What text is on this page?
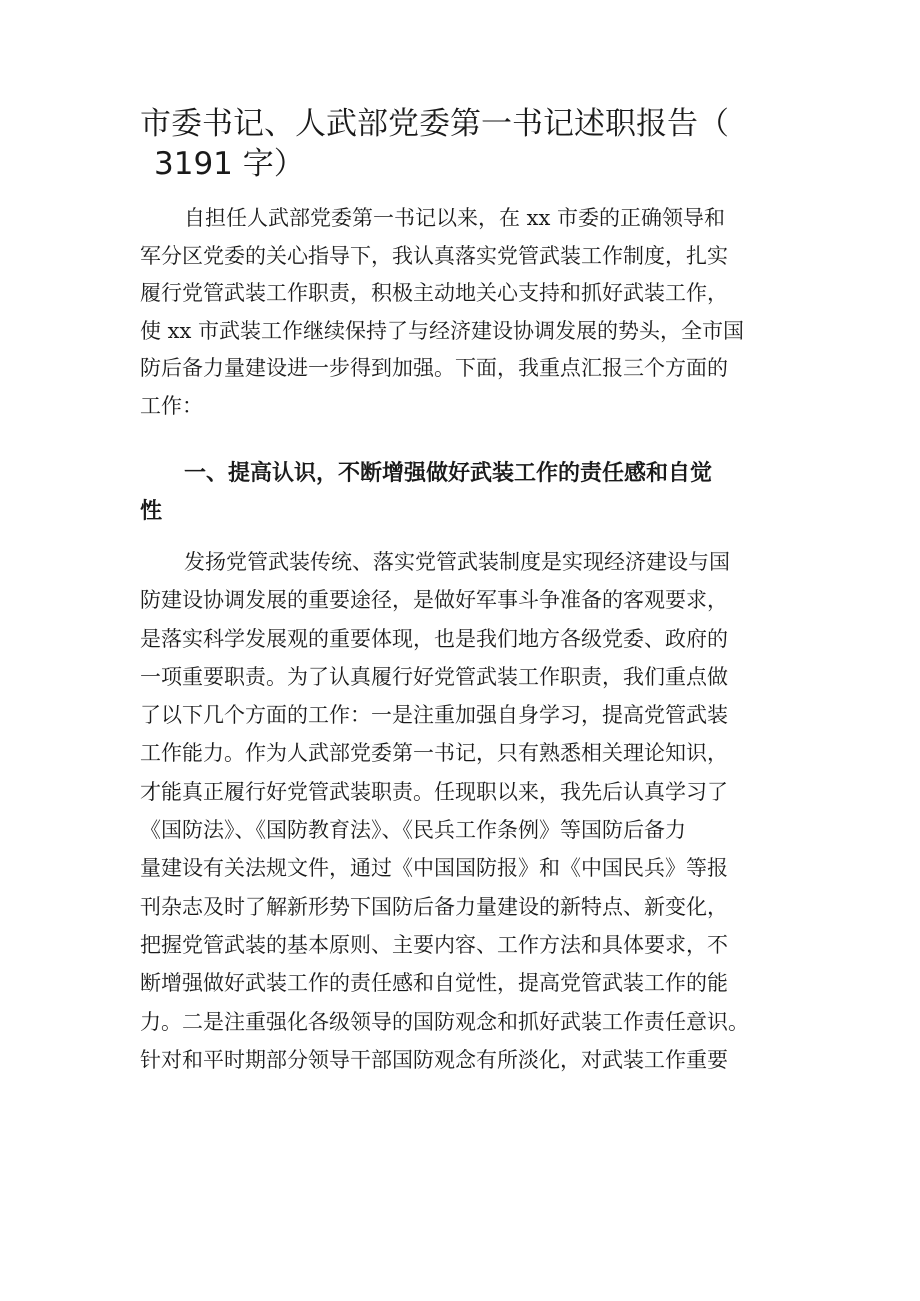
市委书记、人武部党委第一书记述职报告（
3191 字）
自担任人武部党委第一书记以来，在 xx 市委的正确领导和
军分区党委的关心指导下，我认真落实党管武装工作制度，扎实
履行党管武装工作职责，积极主动地关心支持和抓好武装工作，
使 xx 市武装工作继续保持了与经济建设协调发展的势头，全市国
防后备力量建设进一步得到加强。下面，我重点汇报三个方面的
工作：
一、提高认识，不断增强做好武装工作的责任感和自觉
性
发扬党管武装传统、落实党管武装制度是实现经济建设与国
防建设协调发展的重要途径，是做好军事斗争准备的客观要求，
是落实科学发展观的重要体现，也是我们地方各级党委、政府的
一项重要职责。为了认真履行好党管武装工作职责，我们重点做
了以下几个方面的工作：一是注重加强自身学习，提高党管武装
工作能力。作为人武部党委第一书记，只有熟悉相关理论知识，
才能真正履行好党管武装职责。任现职以来，我先后认真学习了
《国防法》、《国防教育法》、《民兵工作条例》等国防后备力
量建设有关法规文件，通过《中国国防报》和《中国民兵》等报
刊杂志及时了解新形势下国防后备力量建设的新特点、新变化，
把握党管武装的基本原则、主要内容、工作方法和具体要求，不
断增强做好武装工作的责任感和自觉性，提高党管武装工作的能
力。二是注重强化各级领导的国防观念和抓好武装工作责任意识。
针对和平时期部分领导干部国防观念有所淡化，对武装工作重要
